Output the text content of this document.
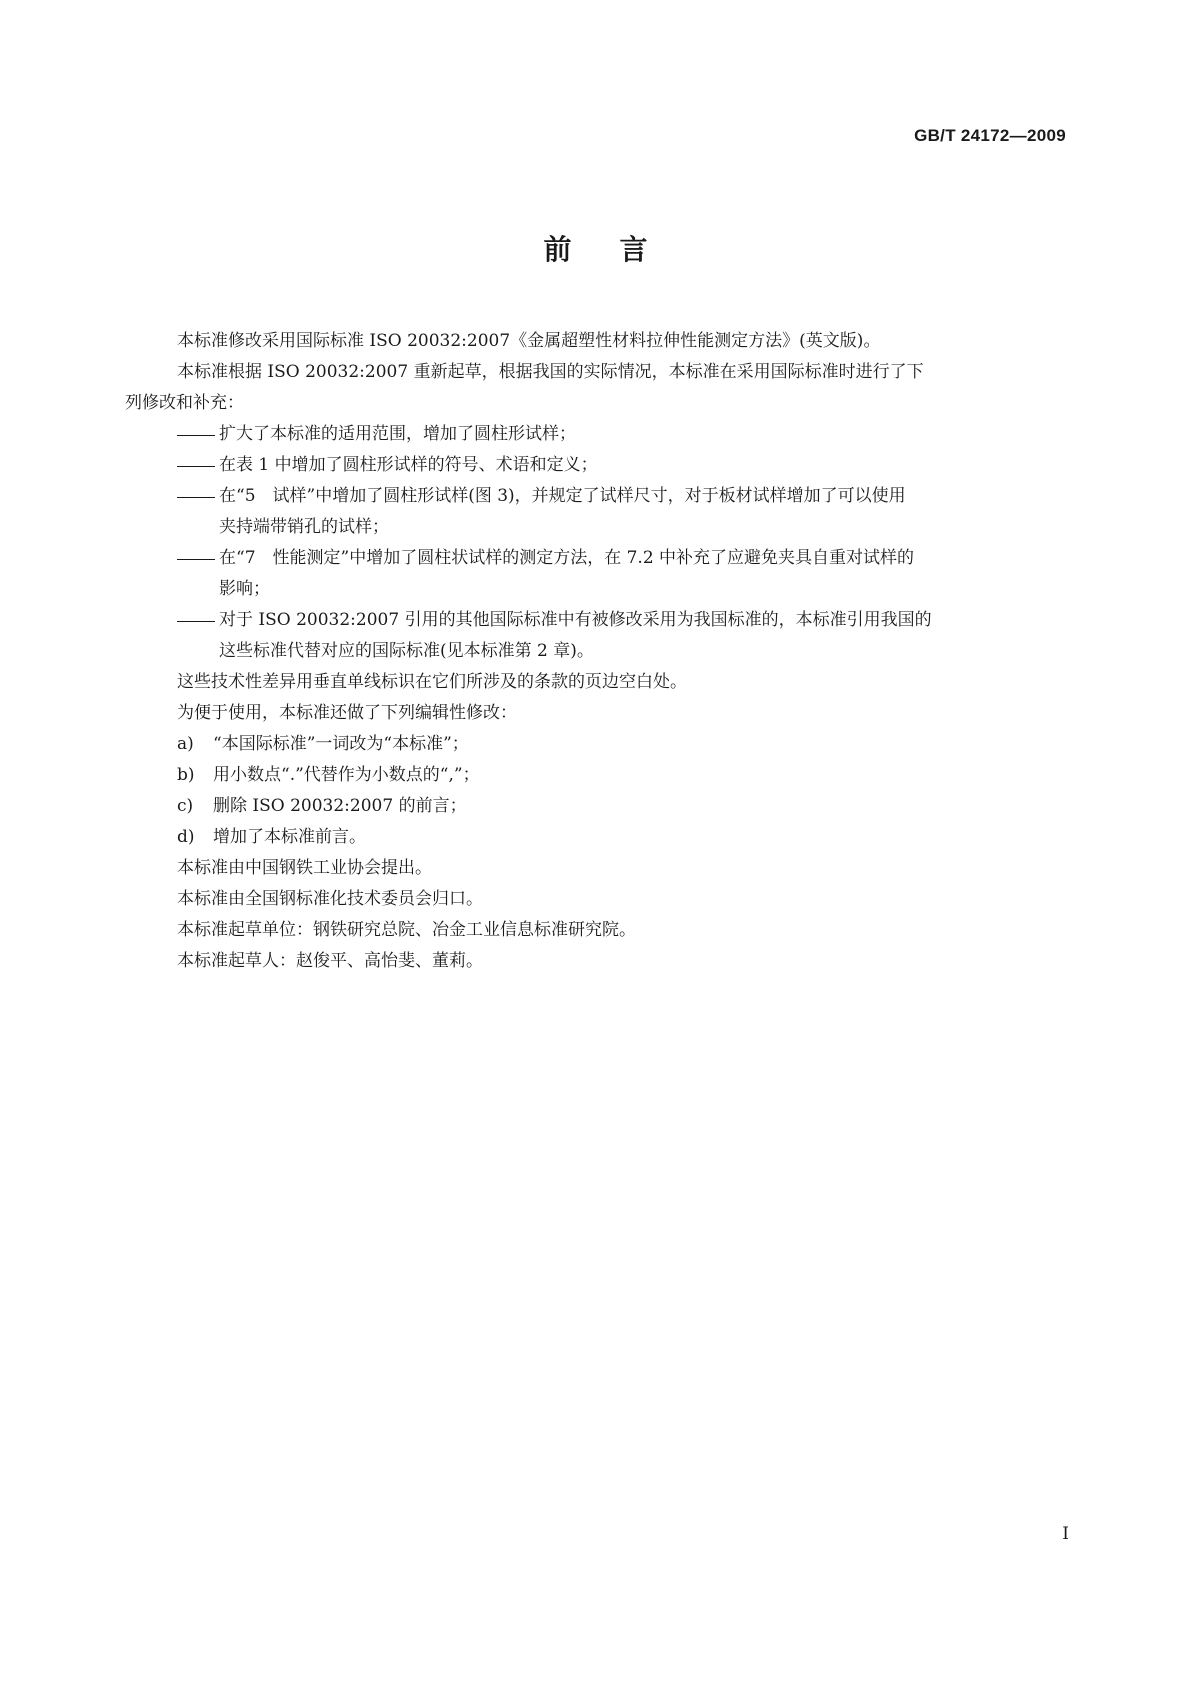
GB/T 24172—2009
前言

本标准修改采用国际标准 ISO 20032:2007《金属超塑性材料拉伸性能测定方法》(英文版)。

本标准根据 ISO 20032:2007 重新起草，根据我国的实际情况，本标准在采用国际标准时进行了下

列修改和补充：

扩大了本标准的适用范围，增加了圆柱形试样；
在表 1 中增加了圆柱形试样的符号、术语和定义；
在“5　试样”中增加了圆柱形试样(图 3)，并规定了试样尺寸，对于板材试样增加了可以使用
夹持端带销孔的试样；
在“7　性能测定”中增加了圆柱状试样的测定方法，在 7.2 中补充了应避免夹具自重对试样的
影响；
对于 ISO 20032:2007 引用的其他国际标准中有被修改采用为我国标准的，本标准引用我国的
这些标准代替对应的国际标准(见本标准第 2 章)。

这些技术性差异用垂直单线标识在它们所涉及的条款的页边空白处。

为便于使用，本标准还做了下列编辑性修改：

a) “本国际标准”一词改为“本标准”；

b) 用小数点“.”代替作为小数点的“,”；

c) 删除 ISO 20032:2007 的前言；

d) 增加了本标准前言。

本标准由中国钢铁工业协会提出。

本标准由全国钢标准化技术委员会归口。

本标准起草单位：钢铁研究总院、冶金工业信息标准研究院。

本标准起草人：赵俊平、高怡斐、董莉。

I
